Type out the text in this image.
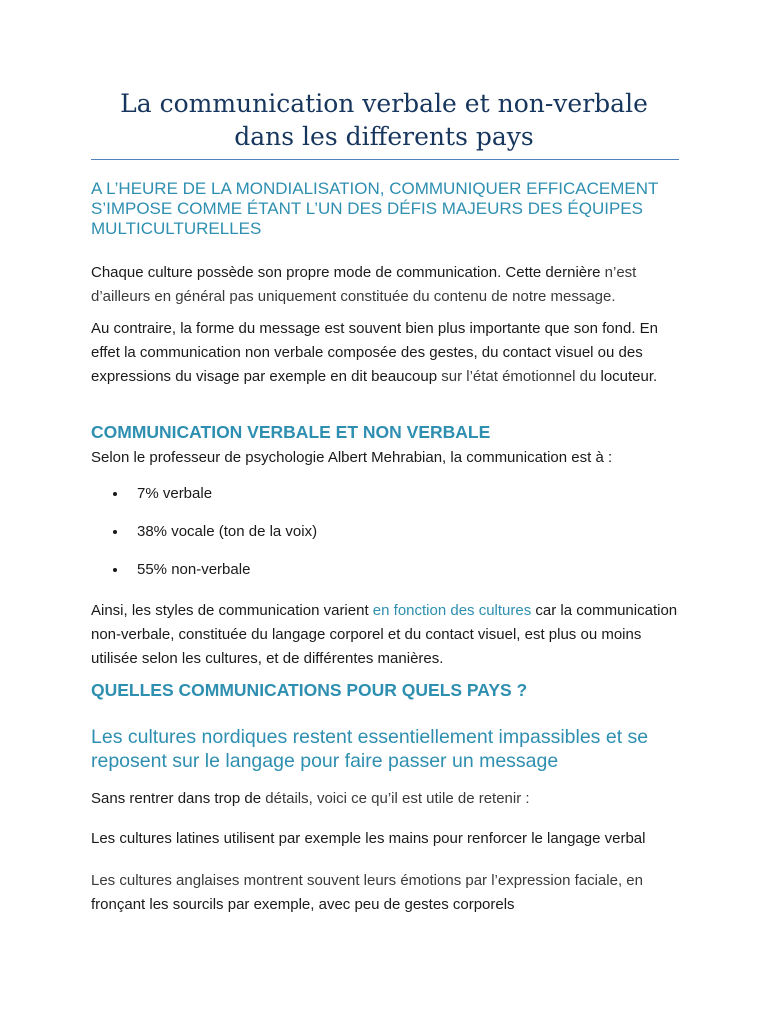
La communication verbale et non-verbale
dans les differents pays
A L’HEURE DE LA MONDIALISATION, COMMUNIQUER EFFICACEMENT S’IMPOSE COMME ÉTANT L’UN DES DÉFIS MAJEURS DES ÉQUIPES MULTICULTURELLES

Chaque culture possède son propre mode de communication. Cette dernière n’est d’ailleurs en général pas uniquement constituée du contenu de notre message.

Au contraire, la forme du message est souvent bien plus importante que son fond. En effet la communication non verbale composée des gestes, du contact visuel ou des expressions du visage par exemple en dit beaucoup sur l’état émotionnel du locuteur.

COMMUNICATION VERBALE ET NON VERBALE

Selon le professeur de psychologie Albert Mehrabian, la communication est à :

7% verbale
38% vocale (ton de la voix)
55% non-verbale

Ainsi, les styles de communication varient en fonction des cultures car la communication non-verbale, constituée du langage corporel et du contact visuel, est plus ou moins utilisée selon les cultures, et de différentes manières.

QUELLES COMMUNICATIONS POUR QUELS PAYS ?
Les cultures nordiques restent essentiellement impassibles et se reposent sur le langage pour faire passer un message

Sans rentrer dans trop de détails, voici ce qu’il est utile de retenir :

Les cultures latines utilisent par exemple les mains pour renforcer le langage verbal

Les cultures anglaises montrent souvent leurs émotions par l’expression faciale, en
fronçant les sourcils par exemple, avec peu de gestes corporels
